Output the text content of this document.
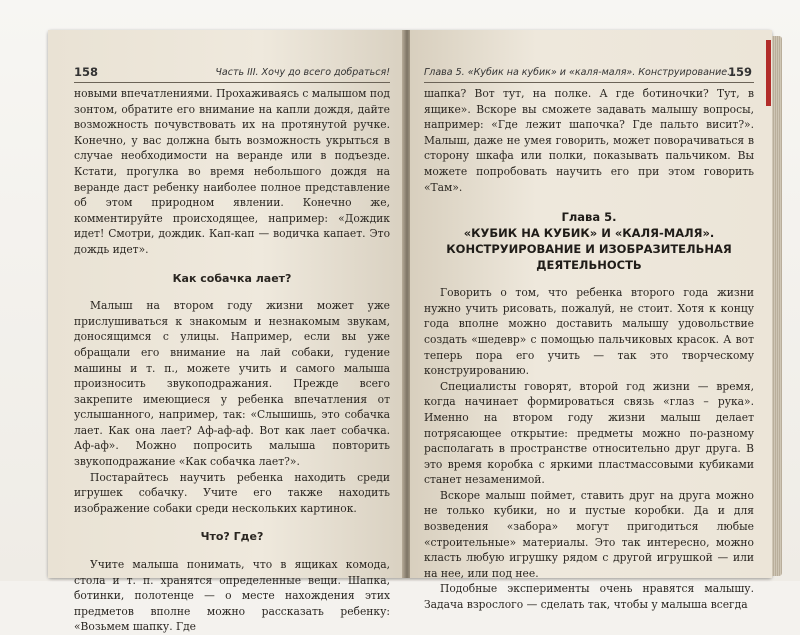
158	Часть III. Хочу до всего добраться!

новыми впечатлениями. Прохаживаясь с малышом под зонтом, обратите его внимание на капли дождя, дайте возможность почувствовать их на протянутой ручке. Конечно, у вас должна быть возможность укрыться в случае необходимости на веранде или в подъезде. Кстати, прогулка во время небольшого дождя на веранде даст ребенку наиболее полное представление об этом природном явлении. Конечно же, комментируйте происходящее, например: «Дождик идет! Смотри, дождик. Кап-кап — водичка капает. Это дождь идет».

Как собачка лает?

Малыш на втором году жизни может уже прислушиваться к знакомым и незнакомым звукам, доносящимся с улицы. Например, если вы уже обращали его внимание на лай собаки, гудение машины и т. п., можете учить и самого малыша произносить звукоподражания. Прежде всего закрепите имеющиеся у ребенка впечатления от услышанного, например, так: «Слышишь, это собачка лает. Как она лает? Аф-аф-аф. Вот как лает собачка. Аф-аф». Можно попросить малыша повторить звукоподражание «Как собачка лает?».

Постарайтесь научить ребенка находить среди игрушек собачку. Учите его также находить изображение собаки среди нескольких картинок.

Что? Где?

Учите малыша понимать, что в ящиках комода, стола и т. п. хранятся определенные вещи. Шапка, ботинки, полотенце — о месте нахождения этих предметов вполне можно рассказать ребенку: «Возьмем шапку. Где

Глава 5. «Кубик на кубик» и «каля-маля». Конструирование...
159

шапка? Вот тут, на полке. А где ботиночки? Тут, в ящике». Вскоре вы сможете задавать малышу вопросы, например: «Где лежит шапочка? Где пальто висит?». Малыш, даже не умея говорить, может поворачиваться в сторону шкафа или полки, показывать пальчиком. Вы можете попробовать научить его при этом говорить «Там».

Глава 5.
«КУБИК НА КУБИК» И «КАЛЯ-МАЛЯ».
КОНСТРУИРОВАНИЕ И ИЗОБРАЗИТЕЛЬНАЯ
ДЕЯТЕЛЬНОСТЬ

Говорить о том, что ребенка второго года жизни нужно учить рисовать, пожалуй, не стоит. Хотя к концу года вполне можно доставить малышу удовольствие создать «шедевр» с помощью пальчиковых красок. А вот теперь пора его учить — так это творческому конструированию.

Специалисты говорят, второй год жизни — время, когда начинает формироваться связь «глаз – рука». Именно на втором году жизни малыш делает потрясающее открытие: предметы можно по-разному располагать в пространстве относительно друг друга. В это время коробка с яркими пластмассовыми кубиками станет незаменимой.

Вскоре малыш поймет, ставить друг на друга можно не только кубики, но и пустые коробки. Да и для возведения «забора» могут пригодиться любые «строительные» материалы. Это так интересно, можно класть любую игрушку рядом с другой игрушкой — или на нее, или под нее.

Подобные эксперименты очень нравятся малышу. Задача взрослого — сделать так, чтобы у малыша всегда
